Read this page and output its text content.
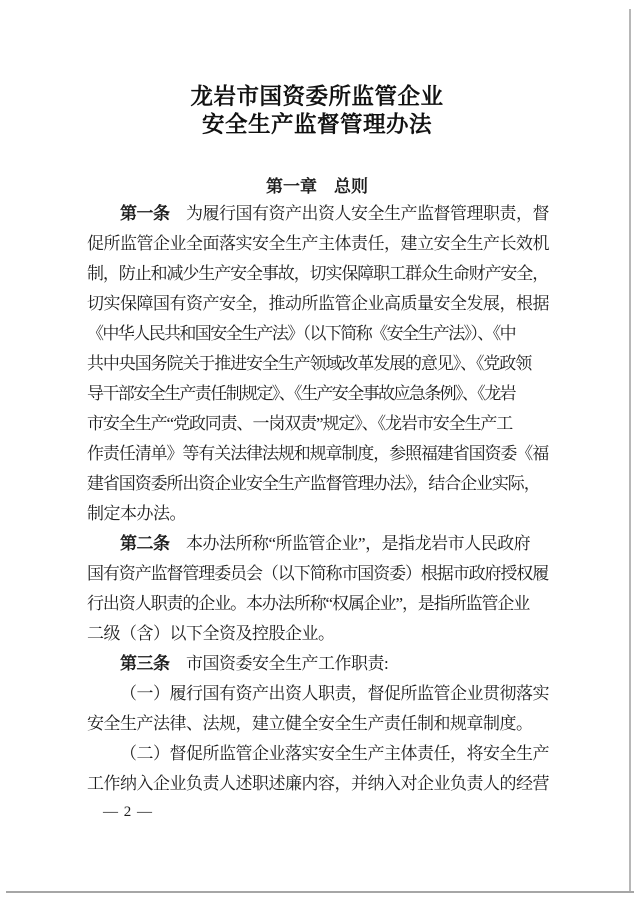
龙岩市国资委所监管企业
安全生产监督管理办法
第一章　总则
第一条　为履行国有资产出资人安全生产监督管理职责，督
促所监管企业全面落实安全生产主体责任，建立安全生产长效机
制，防止和减少生产安全事故，切实保障职工群众生命财产安全，
切实保障国有资产安全，推动所监管企业高质量安全发展，根据
《中华人民共和国安全生产法》（以下简称《安全生产法》）、《中
共中央国务院关于推进安全生产领域改革发展的意见》、《党政领
导干部安全生产责任制规定》、《生产安全事故应急条例》、《龙岩
市安全生产“党政同责、一岗双责”规定》、《龙岩市安全生产工
作责任清单》等有关法律法规和规章制度，参照福建省国资委《福
建省国资委所出资企业安全生产监督管理办法》，结合企业实际，
制定本办法。
第二条　本办法所称“所监管企业”，是指龙岩市人民政府
国有资产监督管理委员会（以下简称市国资委）根据市政府授权履
行出资人职责的企业。本办法所称“权属企业”，是指所监管企业
二级（含）以下全资及控股企业。
第三条　市国资委安全生产工作职责:
（一）履行国有资产出资人职责，督促所监管企业贯彻落实
安全生产法律、法规，建立健全安全生产责任制和规章制度。
（二）督促所监管企业落实安全生产主体责任，将安全生产
工作纳入企业负责人述职述廉内容，并纳入对企业负责人的经营
— 2 —
